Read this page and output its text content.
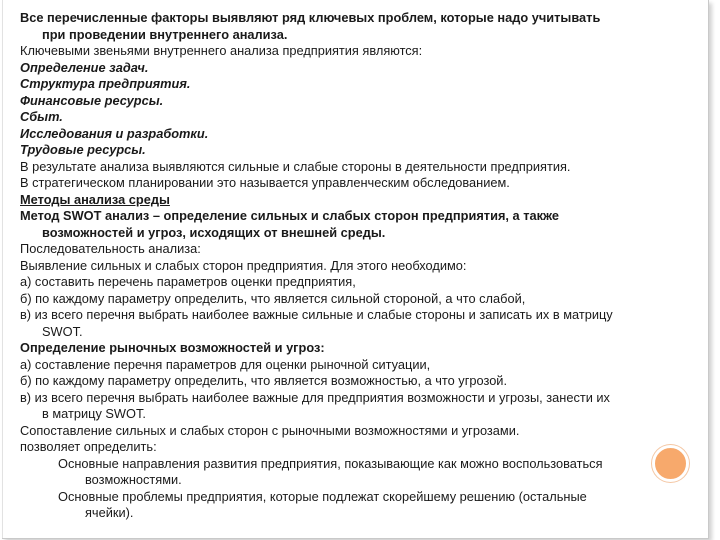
Все перечисленные факторы выявляют ряд ключевых проблем, которые надо учитывать
при проведении внутреннего анализа.
Ключевыми звеньями внутреннего анализа предприятия являются:
Определение задач.
Структура предприятия.
Финансовые ресурсы.
Сбыт.
Исследования и разработки.
Трудовые ресурсы.
В результате анализа выявляются сильные и слабые стороны в деятельности предприятия.
В стратегическом планировании это называется управленческим обследованием.
Методы анализа среды
Метод SWOT анализ – определение сильных и слабых сторон предприятия, а также
возможностей и угроз, исходящих от внешней среды.
Последовательность анализа:
Выявление сильных и слабых сторон предприятия. Для этого необходимо:
а) составить перечень параметров оценки предприятия,
б) по каждому параметру определить, что является сильной стороной, а что слабой,
в) из всего перечня выбрать наиболее важные сильные и слабые стороны и записать их в матрицу
SWOT.
Определение рыночных возможностей и угроз:
а) составление перечня параметров для оценки рыночной ситуации,
б) по каждому параметру определить, что является возможностью, а что угрозой.
в) из всего перечня выбрать наиболее важные для предприятия возможности и угрозы, занести их
в матрицу SWOT.
Сопоставление сильных и слабых сторон с рыночными возможностями и угрозами.
позволяет определить:
Основные направления развития предприятия, показывающие как можно воспользоваться
возможностями.
Основные проблемы предприятия, которые подлежат скорейшему решению (остальные
ячейки).
